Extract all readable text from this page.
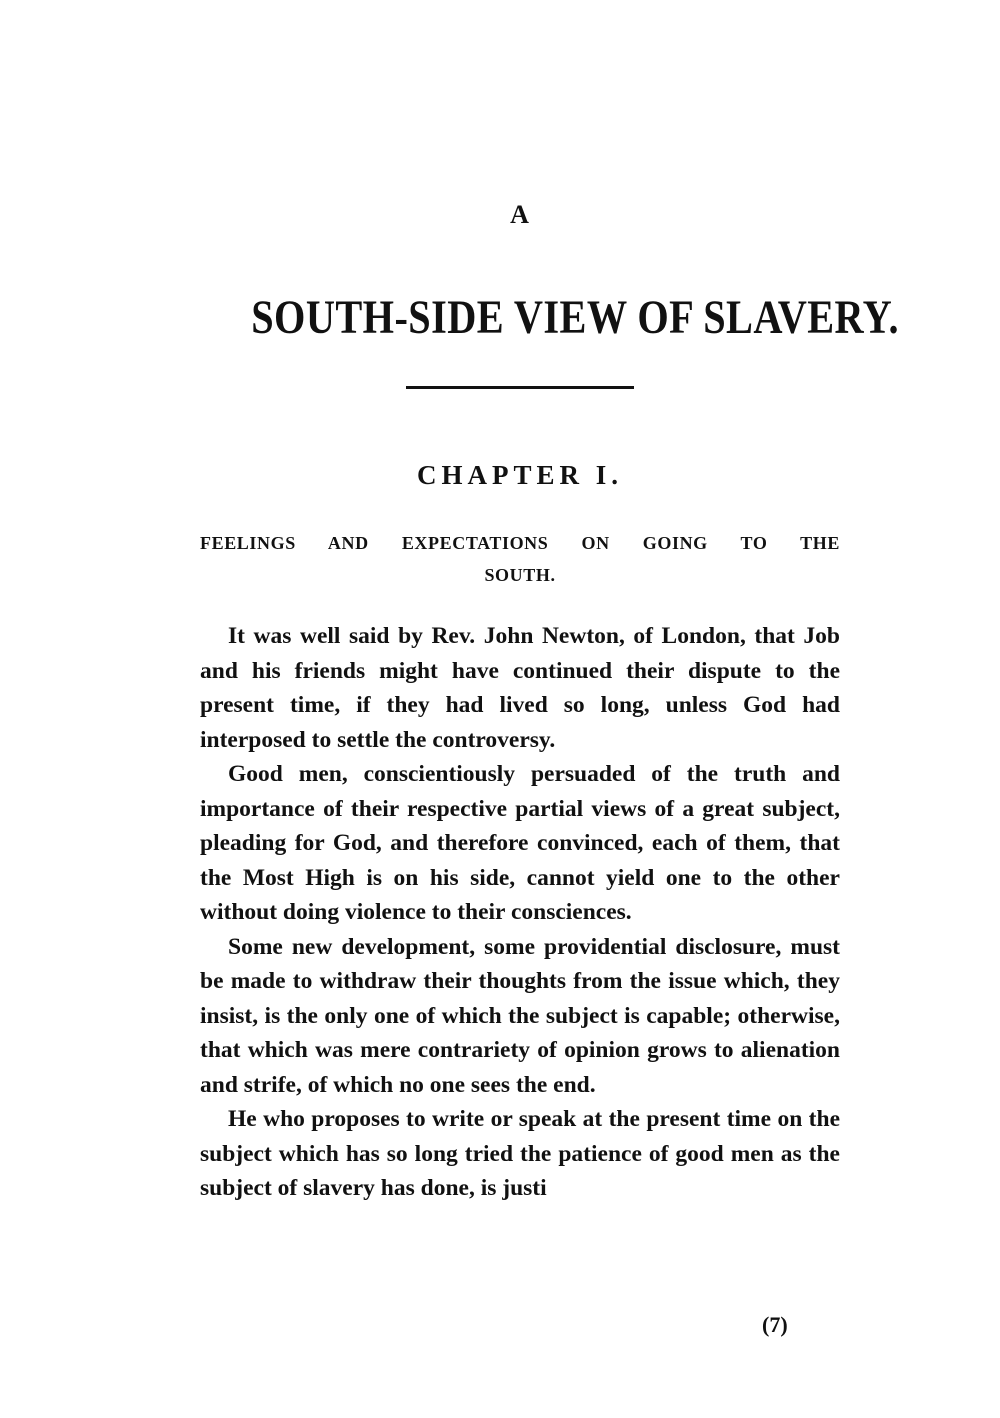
A
SOUTH-SIDE VIEW OF SLAVERY.
CHAPTER I.
FEELINGS AND EXPECTATIONS ON GOING TO THE
SOUTH.

It was well said by Rev. John Newton, of London, that Job and his friends might have continued their dispute to the present time, if they had lived so long, unless God had interposed to settle the controversy.

Good men, conscientiously persuaded of the truth and importance of their respective partial views of a great subject, pleading for God, and therefore convinced, each of them, that the Most High is on his side, cannot yield one to the other without doing violence to their consciences.

Some new development, some providential disclosure, must be made to withdraw their thoughts from the issue which, they insist, is the only one of which the subject is capable; otherwise, that which was mere contrariety of opinion grows to alienation and strife, of which no one sees the end.

He who proposes to write or speak at the present time on the subject which has so long tried the patience of good men as the subject of slavery has done, is justi

(7)
